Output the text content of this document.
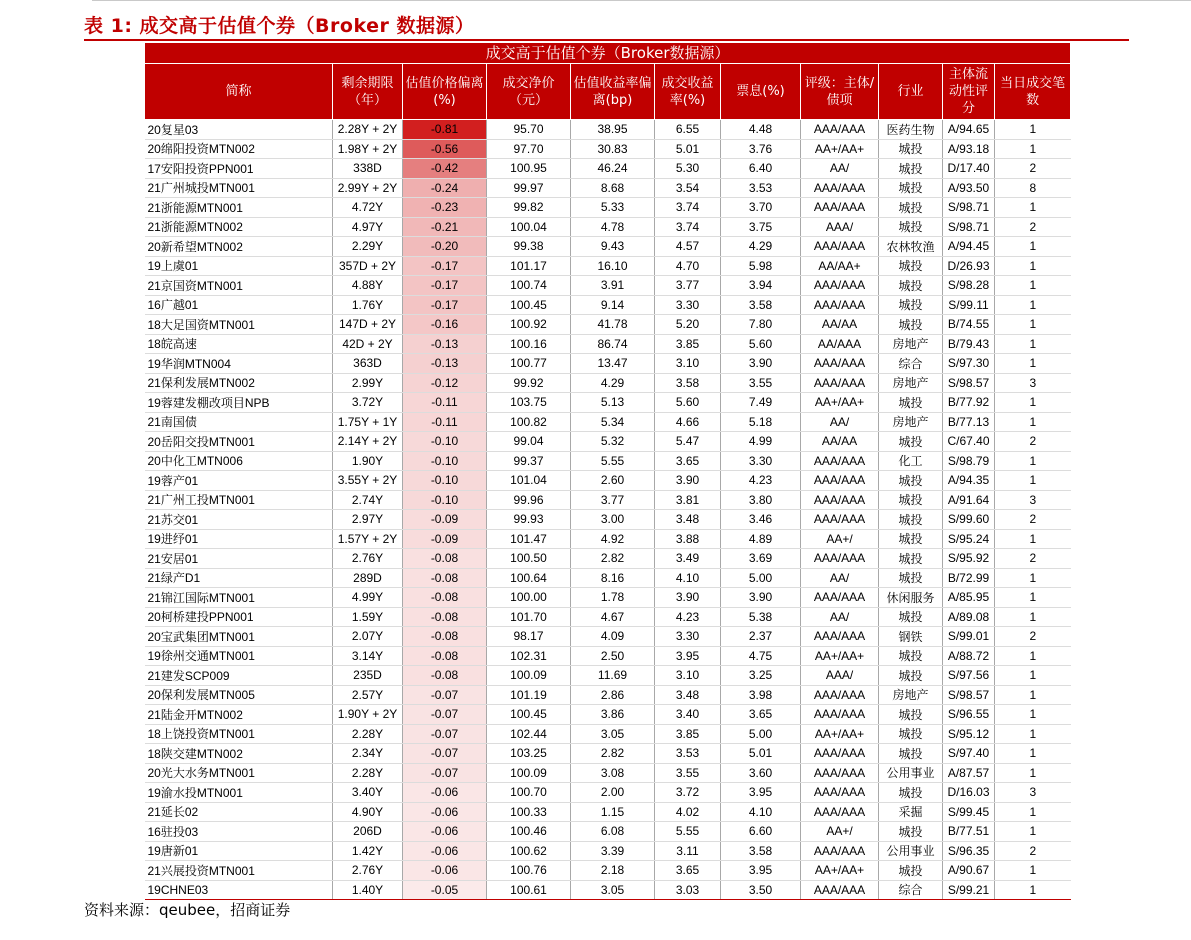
表 1: 成交高于估值个券（Broker 数据源）
成交高于估值个券（Broker数据源）										
简称	剩余期限（年）	估值价格偏离(%)	成交净价（元）	估值收益率偏离(bp)	成交收益率(%)	票息(%)	评级：主体/债项	行业	主体流动性评分	当日成交笔数
20复星03	2.28Y + 2Y	-0.81	95.70	38.95	6.55	4.48	AAA/AAA	医药生物	A/94.65	1
20绵阳投资MTN002	1.98Y + 2Y	-0.56	97.70	30.83	5.01	3.76	AA+/AA+	城投	A/93.18	1
17安阳投资PPN001	338D	-0.42	100.95	46.24	5.30	6.40	AA/	城投	D/17.40	2
21广州城投MTN001	2.99Y + 2Y	-0.24	99.97	8.68	3.54	3.53	AAA/AAA	城投	A/93.50	8
21浙能源MTN001	4.72Y	-0.23	99.82	5.33	3.74	3.70	AAA/AAA	城投	S/98.71	1
21浙能源MTN002	4.97Y	-0.21	100.04	4.78	3.74	3.75	AAA/	城投	S/98.71	2
20新希望MTN002	2.29Y	-0.20	99.38	9.43	4.57	4.29	AAA/AAA	农林牧渔	A/94.45	1
19上虞01	357D + 2Y	-0.17	101.17	16.10	4.70	5.98	AA/AA+	城投	D/26.93	1
21京国资MTN001	4.88Y	-0.17	100.74	3.91	3.77	3.94	AAA/AAA	城投	S/98.28	1
16广越01	1.76Y	-0.17	100.45	9.14	3.30	3.58	AAA/AAA	城投	S/99.11	1
18大足国资MTN001	147D + 2Y	-0.16	100.92	41.78	5.20	7.80	AA/AA	城投	B/74.55	1
18皖高速	42D + 2Y	-0.13	100.16	86.74	3.85	5.60	AA/AAA	房地产	B/79.43	1
19华润MTN004	363D	-0.13	100.77	13.47	3.10	3.90	AAA/AAA	综合	S/97.30	1
21保利发展MTN002	2.99Y	-0.12	99.92	4.29	3.58	3.55	AAA/AAA	房地产	S/98.57	3
19蓉建发棚改项目NPB	3.72Y	-0.11	103.75	5.13	5.60	7.49	AA+/AA+	城投	B/77.92	1
21南国债	1.75Y + 1Y	-0.11	100.82	5.34	4.66	5.18	AA/	房地产	B/77.13	1
20岳阳交投MTN001	2.14Y + 2Y	-0.10	99.04	5.32	5.47	4.99	AA/AA	城投	C/67.40	2
20中化工MTN006	1.90Y	-0.10	99.37	5.55	3.65	3.30	AAA/AAA	化工	S/98.79	1
19蓉产01	3.55Y + 2Y	-0.10	101.04	2.60	3.90	4.23	AAA/AAA	城投	A/94.35	1
21广州工投MTN001	2.74Y	-0.10	99.96	3.77	3.81	3.80	AAA/AAA	城投	A/91.64	3
21苏交01	2.97Y	-0.09	99.93	3.00	3.48	3.46	AAA/AAA	城投	S/99.60	2
19进纾01	1.57Y + 2Y	-0.09	101.47	4.92	3.88	4.89	AA+/	城投	S/95.24	1
21安居01	2.76Y	-0.08	100.50	2.82	3.49	3.69	AAA/AAA	城投	S/95.92	2
21绿产D1	289D	-0.08	100.64	8.16	4.10	5.00	AA/	城投	B/72.99	1
21锦江国际MTN001	4.99Y	-0.08	100.00	1.78	3.90	3.90	AAA/AAA	休闲服务	A/85.95	1
20柯桥建投PPN001	1.59Y	-0.08	101.70	4.67	4.23	5.38	AA/	城投	A/89.08	1
20宝武集团MTN001	2.07Y	-0.08	98.17	4.09	3.30	2.37	AAA/AAA	钢铁	S/99.01	2
19徐州交通MTN001	3.14Y	-0.08	102.31	2.50	3.95	4.75	AA+/AA+	城投	A/88.72	1
21建发SCP009	235D	-0.08	100.09	11.69	3.10	3.25	AAA/	城投	S/97.56	1
20保利发展MTN005	2.57Y	-0.07	101.19	2.86	3.48	3.98	AAA/AAA	房地产	S/98.57	1
21陆金开MTN002	1.90Y + 2Y	-0.07	100.45	3.86	3.40	3.65	AAA/AAA	城投	S/96.55	1
18上饶投资MTN001	2.28Y	-0.07	102.44	3.05	3.85	5.00	AA+/AA+	城投	S/95.12	1
18陕交建MTN002	2.34Y	-0.07	103.25	2.82	3.53	5.01	AAA/AAA	城投	S/97.40	1
20光大水务MTN001	2.28Y	-0.07	100.09	3.08	3.55	3.60	AAA/AAA	公用事业	A/87.57	1
19渝水投MTN001	3.40Y	-0.06	100.70	2.00	3.72	3.95	AAA/AAA	城投	D/16.03	3
21延长02	4.90Y	-0.06	100.33	1.15	4.02	4.10	AAA/AAA	采掘	S/99.45	1
16驻投03	206D	-0.06	100.46	6.08	5.55	6.60	AA+/	城投	B/77.51	1
19唐新01	1.42Y	-0.06	100.62	3.39	3.11	3.58	AAA/AAA	公用事业	S/96.35	2
21兴展投资MTN001	2.76Y	-0.06	100.76	2.18	3.65	3.95	AA+/AA+	城投	A/90.67	1
19CHNE03	1.40Y	-0.05	100.61	3.05	3.03	3.50	AAA/AAA	综合	S/99.21	1
资料来源：qeubee，招商证券
